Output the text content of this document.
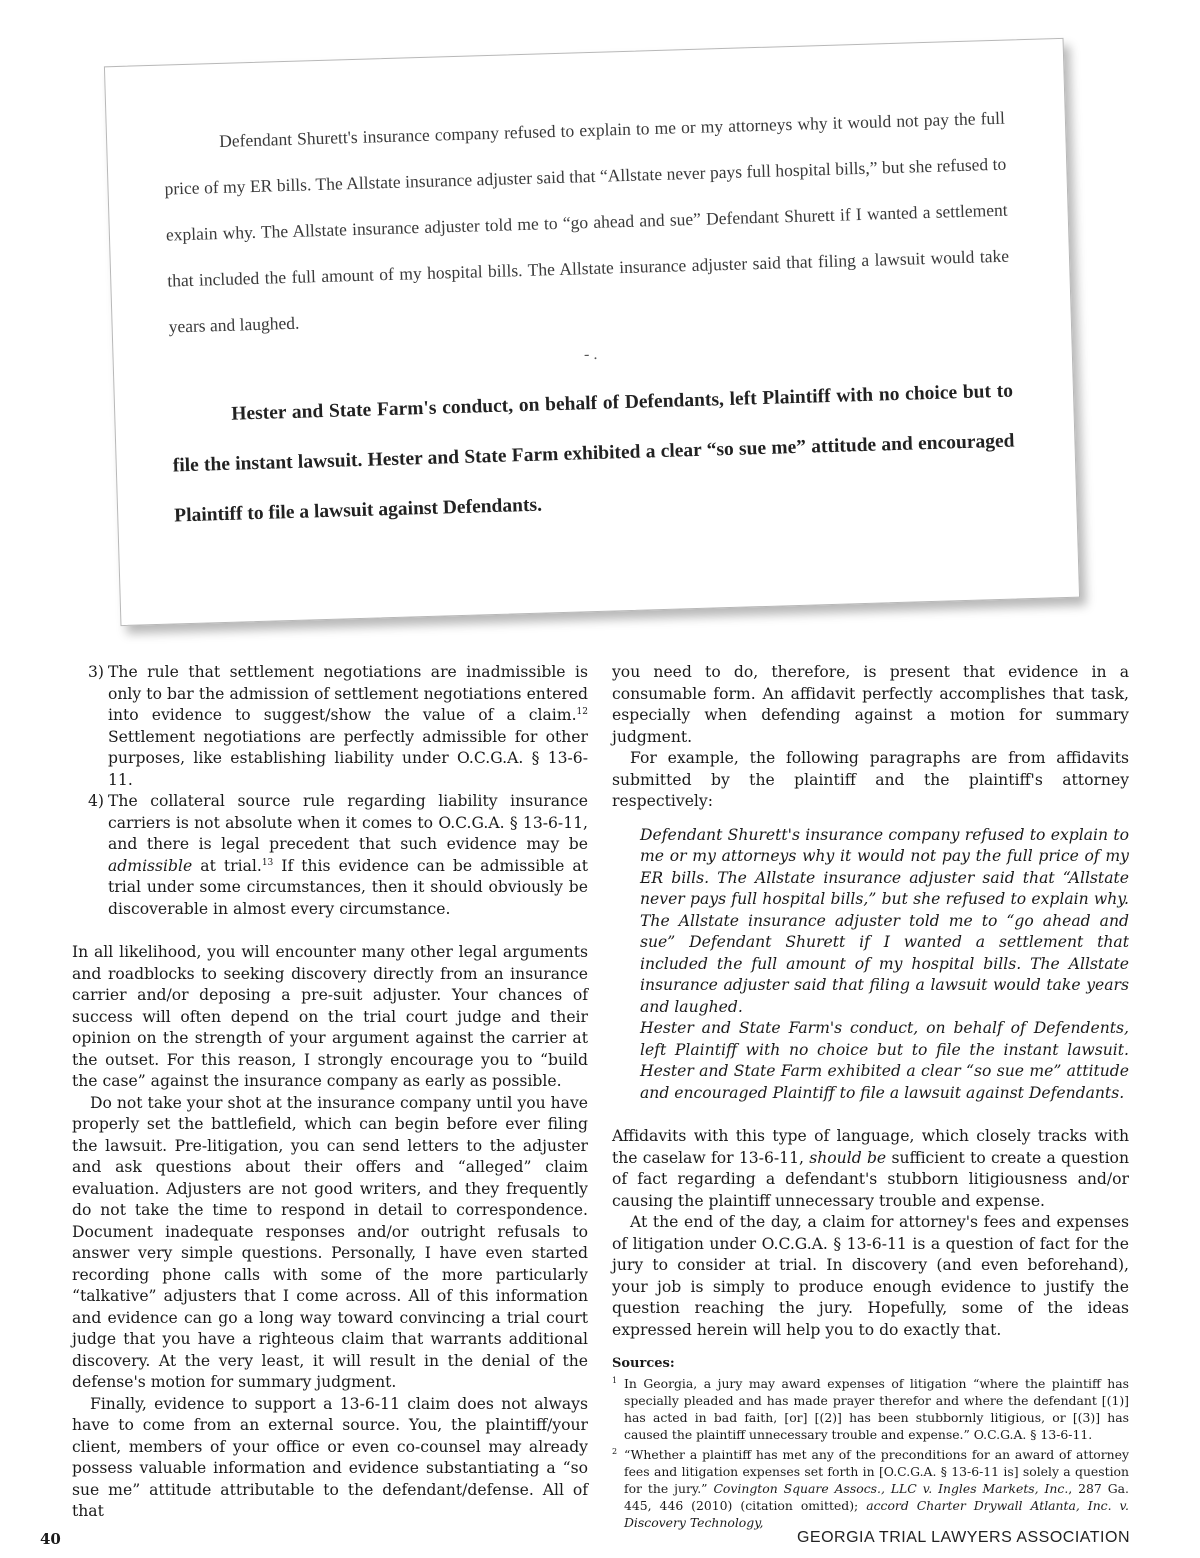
Defendant Shurett's insurance company refused to explain to me or my attorneys why it would not pay the full price of my ER bills. The Allstate insurance adjuster said that “Allstate never pays full hospital bills,” but she refused to explain why. The Allstate insurance adjuster told me to “go ahead and sue” Defendant Shurett if I wanted a settlement that included the full amount of my hospital bills. The Allstate insurance adjuster said that filing a lawsuit would take years and laughed.

- .

Hester and State Farm's conduct, on behalf of Defendants, left Plaintiff with no choice but to file the instant lawsuit. Hester and State Farm exhibited a clear “so sue me” attitude and encouraged Plaintiff to file a lawsuit against Defendants.

3) The rule that settlement negotiations are inadmissible is only to bar the admission of settlement negotiations entered into evidence to suggest/show the value of a claim.$^{12}$ Settlement negotiations are perfectly admissible for other purposes, like establishing liability under O.C.G.A. § 13-6-11.
4) The collateral source rule regarding liability insurance carriers is not absolute when it comes to O.C.G.A. § 13-6-11, and there is legal precedent that such evidence may be admissible at trial.$^{13}$ If this evidence can be admissible at trial under some circumstances, then it should obviously be discoverable in almost every circumstance.

In all likelihood, you will encounter many other legal arguments and roadblocks to seeking discovery directly from an insurance carrier and/or deposing a pre-suit adjuster. Your chances of success will often depend on the trial court judge and their opinion on the strength of your argument against the carrier at the outset. For this reason, I strongly encourage you to “build the case” against the insurance company as early as possible.

Do not take your shot at the insurance company until you have properly set the battlefield, which can begin before ever filing the lawsuit. Pre-litigation, you can send letters to the adjuster and ask questions about their offers and “alleged” claim evaluation. Adjusters are not good writers, and they frequently do not take the time to respond in detail to correspondence. Document inadequate responses and/or outright refusals to answer very simple questions. Personally, I have even started recording phone calls with some of the more particularly “talkative” adjusters that I come across. All of this information and evidence can go a long way toward convincing a trial court judge that you have a righteous claim that warrants additional discovery. At the very least, it will result in the denial of the defense's motion for summary judgment.

Finally, evidence to support a 13-6-11 claim does not always have to come from an external source. You, the plaintiff/your client, members of your office or even co-counsel may already possess valuable information and evidence substantiating a “so sue me” attitude attributable to the defendant/defense. All of that

you need to do, therefore, is present that evidence in a consumable form. An affidavit perfectly accomplishes that task, especially when defending against a motion for summary judgment.

For example, the following paragraphs are from affidavits submitted by the plaintiff and the plaintiff's attorney respectively:

Defendant Shurett's insurance company refused to explain to me or my attorneys why it would not pay the full price of my ER bills. The Allstate insurance adjuster said that “Allstate never pays full hospital bills,” but she refused to explain why. The Allstate insurance adjuster told me to “go ahead and sue” Defendant Shurett if I wanted a settlement that included the full amount of my hospital bills. The Allstate insurance adjuster said that filing a lawsuit would take years and laughed.

Hester and State Farm's conduct, on behalf of Defendents, left Plaintiff with no choice but to file the instant lawsuit. Hester and State Farm exhibited a clear “so sue me” attitude and encouraged Plaintiff to file a lawsuit against Defendants.

Affidavits with this type of language, which closely tracks with the caselaw for 13-6-11, should be sufficient to create a question of fact regarding a defendant's stubborn litigiousness and/or causing the plaintiff unnecessary trouble and expense.

At the end of the day, a claim for attorney's fees and expenses of litigation under O.C.G.A. § 13-6-11 is a question of fact for the jury to consider at trial. In discovery (and even beforehand), your job is simply to produce enough evidence to justify the question reaching the jury. Hopefully, some of the ideas expressed herein will help you to do exactly that.

Sources:
1 In Georgia, a jury may award expenses of litigation “where the plaintiff has specially pleaded and has made prayer therefor and where the defendant [(1)] has acted in bad faith, [or] [(2)] has been stubbornly litigious, or [(3)] has caused the plaintiff unnecessary trouble and expense.” O.C.G.A. § 13-6-11.
2 “Whether a plaintiff has met any of the preconditions for an award of attorney fees and litigation expenses set forth in [O.C.G.A. § 13-6-11 is] solely a question for the jury.” Covington Square Assocs., LLC v. Ingles Markets, Inc., 287 Ga. 445, 446 (2010) (citation omitted); accord Charter Drywall Atlanta, Inc. v. Discovery Technology,
40	GEORGIA TRIAL LAWYERS ASSOCIATION
